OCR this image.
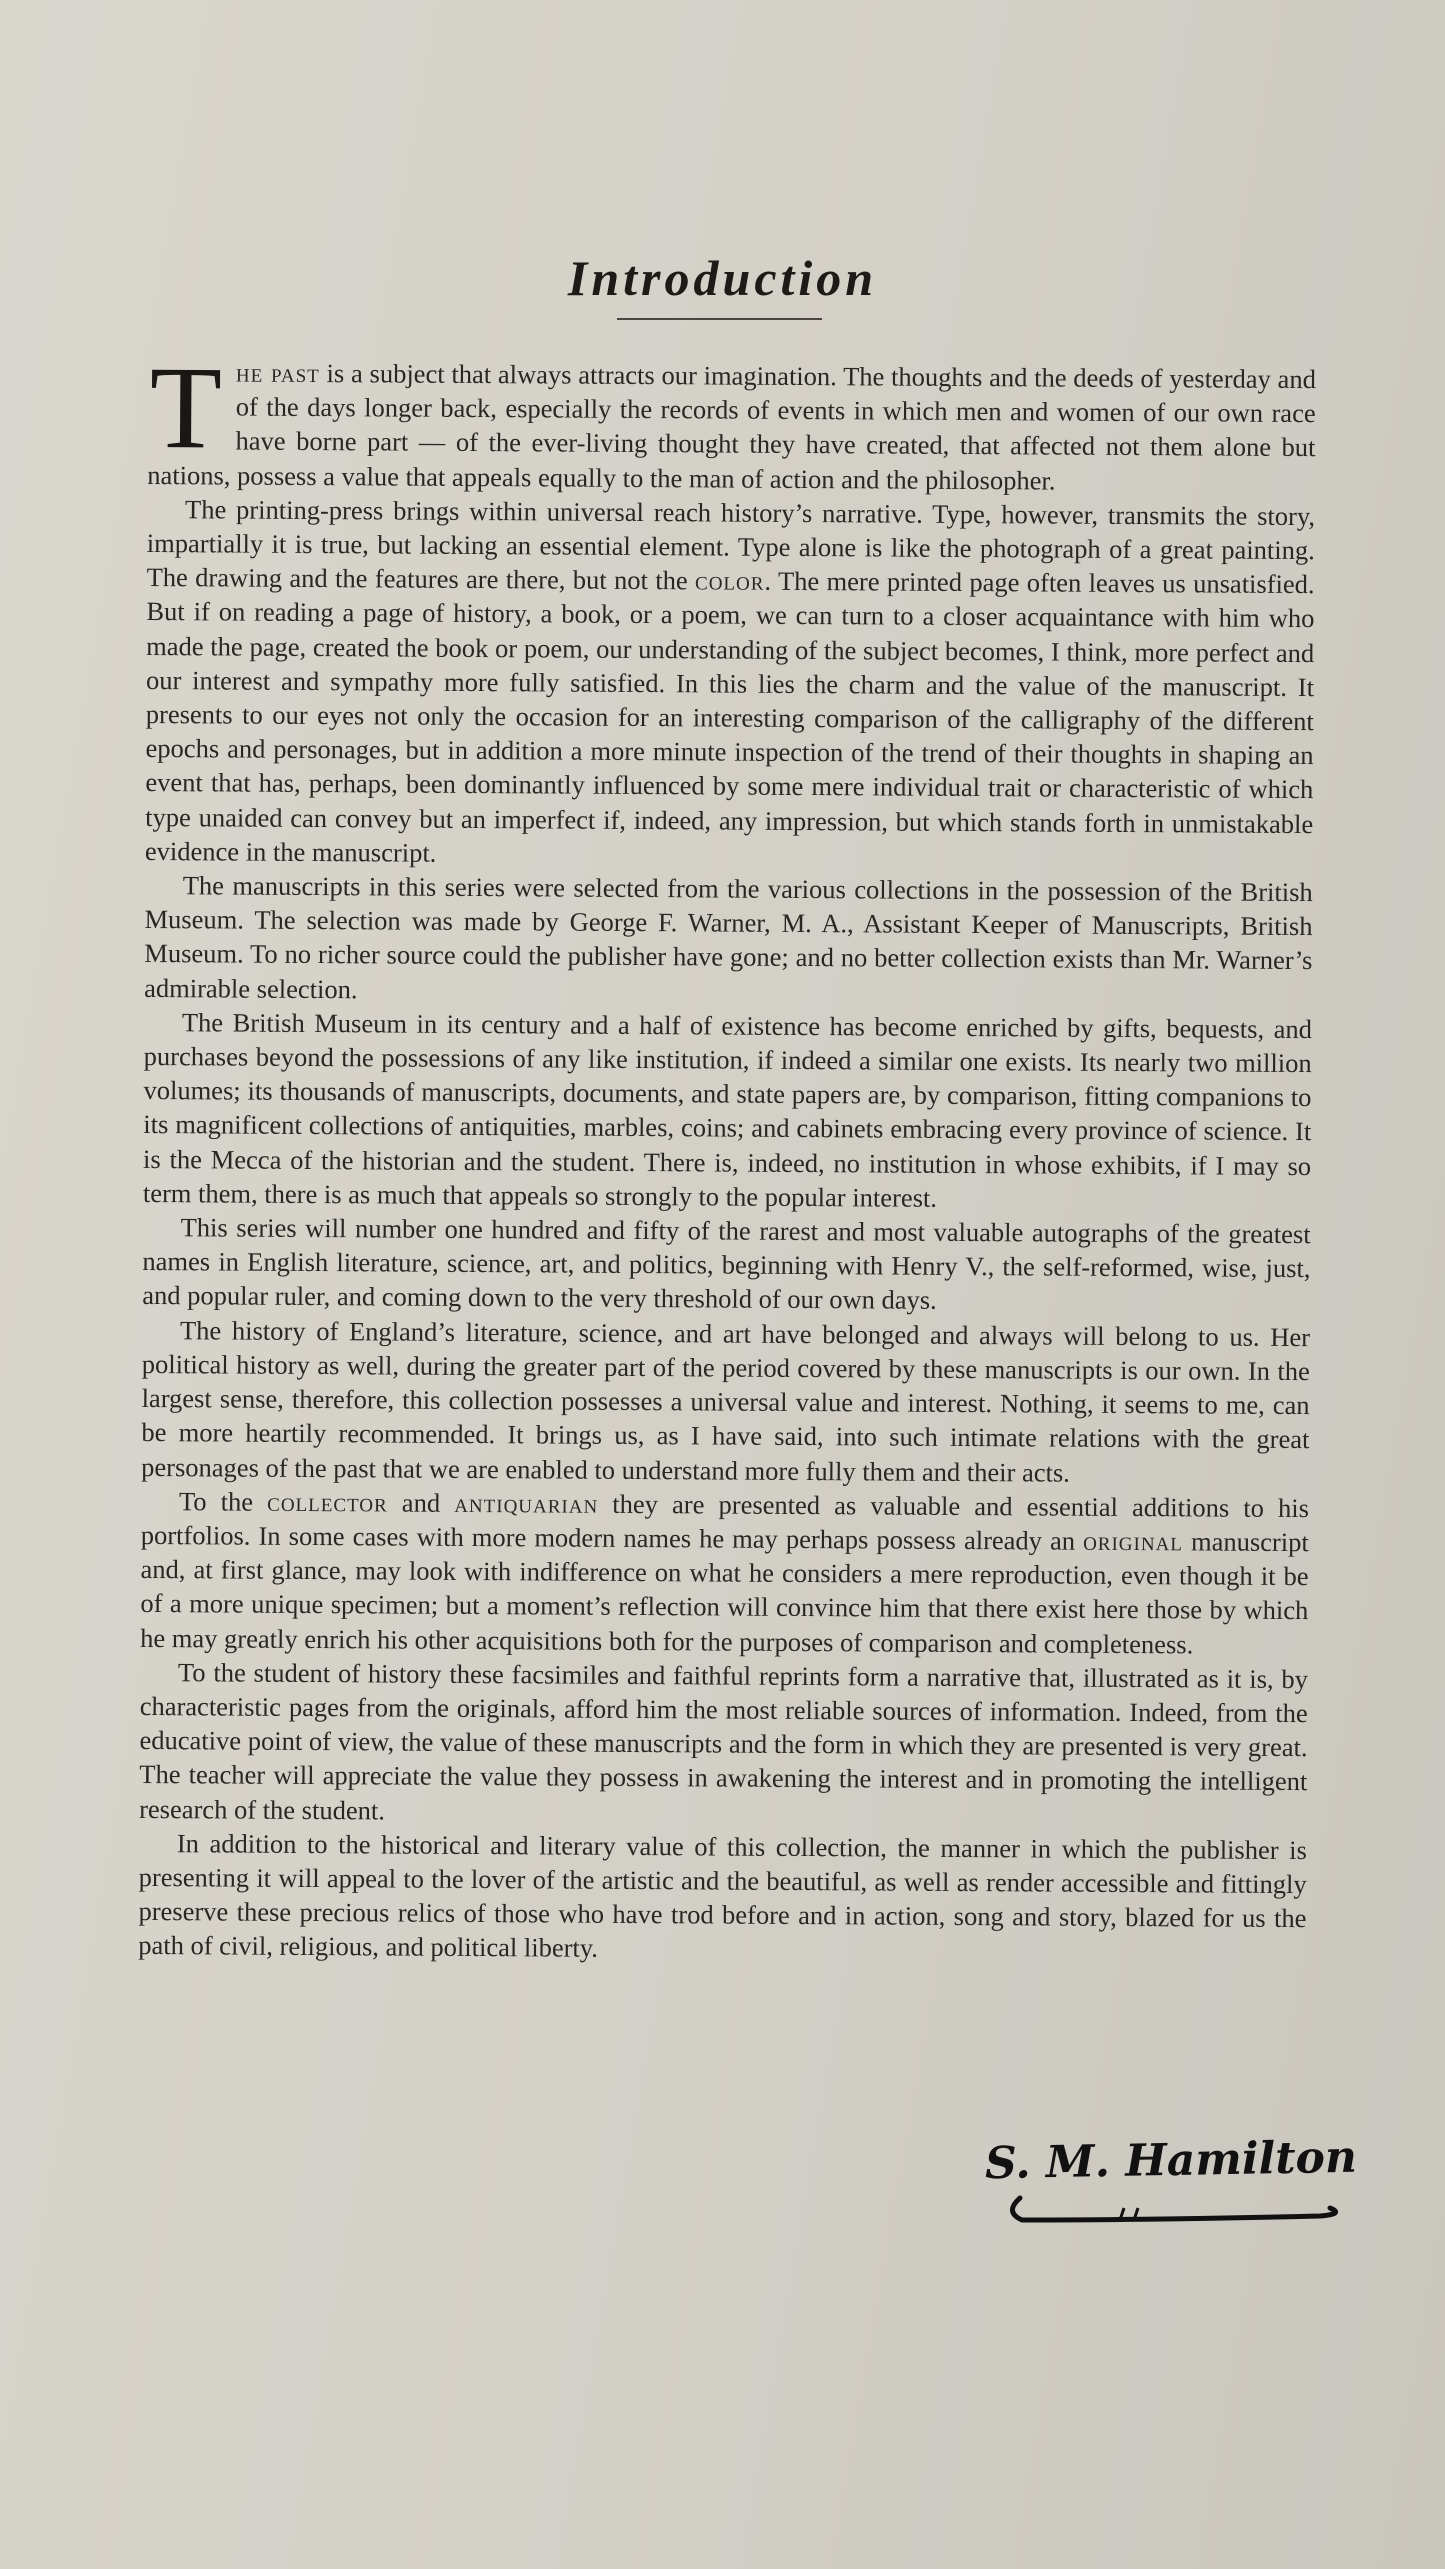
Introduction

The past is a subject that always attracts our imagination. The thoughts and the deeds of yesterday and of the days longer back, especially the records of events in which men and women of our own race have borne part — of the ever-living thought they have created, that affected not them alone but nations, possess a value that appeals equally to the man of action and the philosopher.

The printing-press brings within universal reach history’s narrative. Type, however, transmits the story, impartially it is true, but lacking an essential element. Type alone is like the photograph of a great painting. The drawing and the features are there, but not the color. The mere printed page often leaves us unsatisfied. But if on reading a page of history, a book, or a poem, we can turn to a closer acquaintance with him who made the page, created the book or poem, our understanding of the subject becomes, I think, more perfect and our interest and sympathy more fully satisfied. In this lies the charm and the value of the manuscript. It presents to our eyes not only the occasion for an interesting comparison of the calligraphy of the different epochs and personages, but in addition a more minute inspection of the trend of their thoughts in shaping an event that has, perhaps, been dominantly influenced by some mere individual trait or characteristic of which type unaided can convey but an imperfect if, indeed, any impression, but which stands forth in unmistakable evidence in the manuscript.

The manuscripts in this series were selected from the various collections in the possession of the British Museum. The selection was made by George F. Warner, M. A., Assistant Keeper of Manuscripts, British Museum. To no richer source could the publisher have gone; and no better collection exists than Mr. Warner’s admirable selection.

The British Museum in its century and a half of existence has become enriched by gifts, bequests, and purchases beyond the possessions of any like institution, if indeed a similar one exists. Its nearly two million volumes; its thousands of manuscripts, documents, and state papers are, by comparison, fitting companions to its magnificent collections of antiquities, marbles, coins; and cabinets embracing every province of science. It is the Mecca of the historian and the student. There is, indeed, no institution in whose exhibits, if I may so term them, there is as much that appeals so strongly to the popular interest.

This series will number one hundred and fifty of the rarest and most valuable autographs of the greatest names in English literature, science, art, and politics, beginning with Henry V., the self-reformed, wise, just, and popular ruler, and coming down to the very threshold of our own days.

The history of England’s literature, science, and art have belonged and always will belong to us. Her political history as well, during the greater part of the period covered by these manuscripts is our own. In the largest sense, therefore, this collection possesses a universal value and interest. Nothing, it seems to me, can be more heartily recommended. It brings us, as I have said, into such intimate relations with the great personages of the past that we are enabled to understand more fully them and their acts.

To the collector and antiquarian they are presented as valuable and essential additions to his portfolios. In some cases with more modern names he may perhaps possess already an original manuscript and, at first glance, may look with indifference on what he considers a mere reproduction, even though it be of a more unique specimen; but a moment’s reflection will convince him that there exist here those by which he may greatly enrich his other acquisitions both for the purposes of comparison and completeness.

To the student of history these facsimiles and faithful reprints form a narrative that, illustrated as it is, by characteristic pages from the originals, afford him the most reliable sources of information. Indeed, from the educative point of view, the value of these manuscripts and the form in which they are presented is very great. The teacher will appreciate the value they possess in awakening the interest and in promoting the intelligent research of the student.

In addition to the historical and literary value of this collection, the manner in which the publisher is presenting it will appeal to the lover of the artistic and the beautiful, as well as render accessible and fittingly preserve these precious relics of those who have trod before and in action, song and story, blazed for us the path of civil, religious, and political liberty.

S. M. Hamilton
